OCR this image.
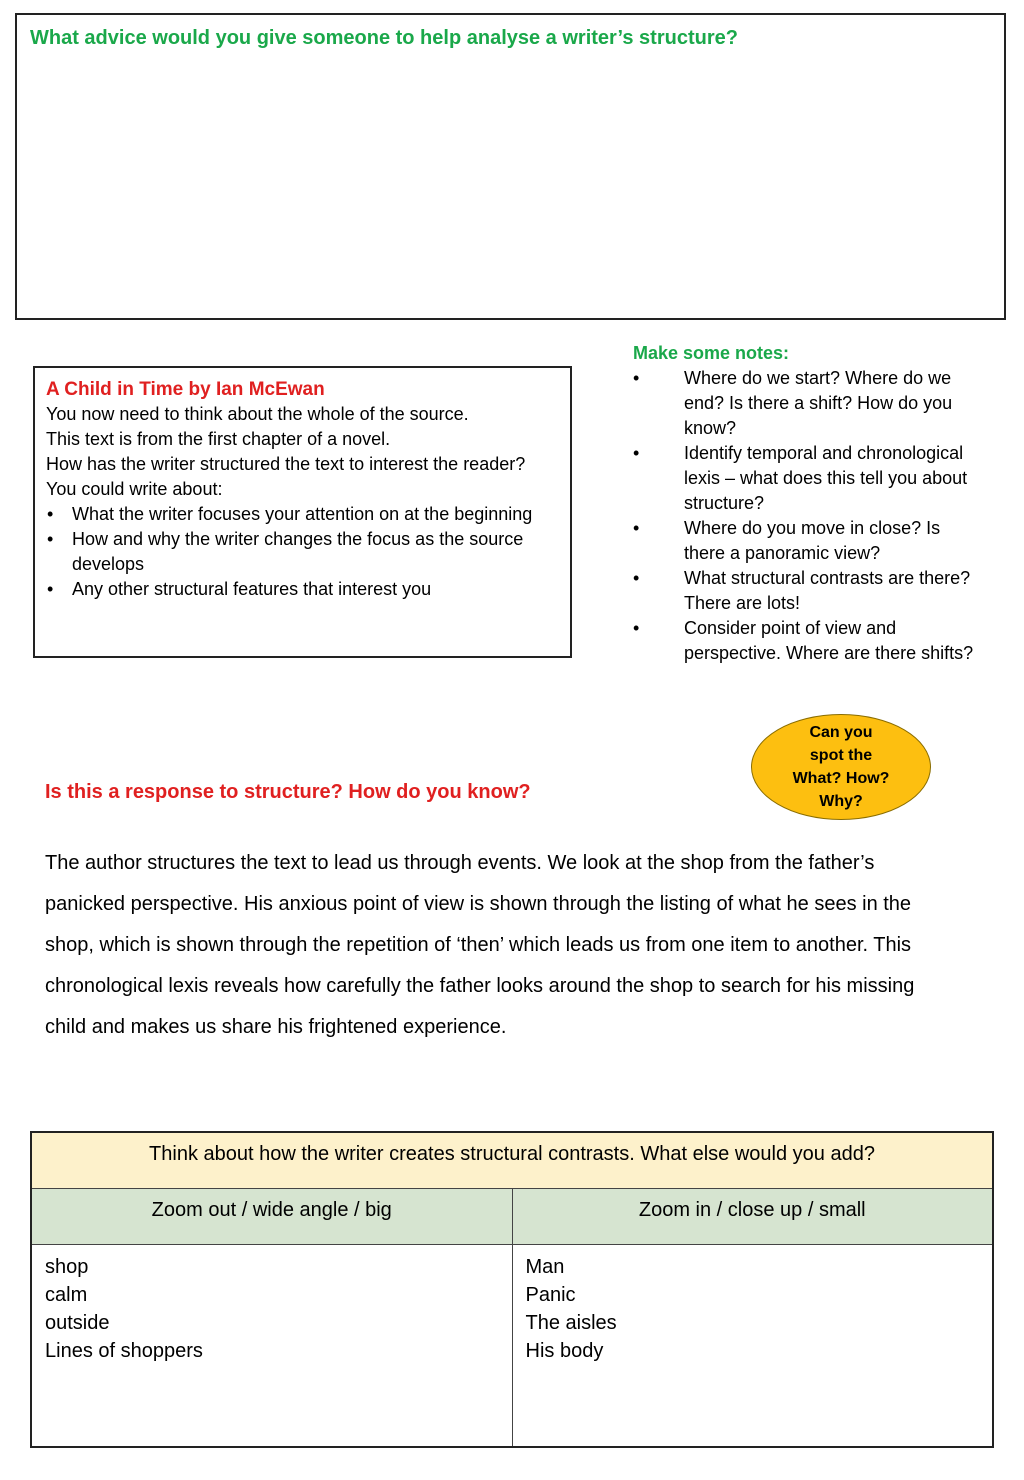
What advice would you give someone to help analyse a writer’s structure?
A Child in Time by Ian McEwan
You now need to think about the whole of the source.
This text is from the first chapter of a novel.
How has the writer structured the text to interest the reader?
You could write about:
• What the writer focuses your attention on at the beginning
• How and why the writer changes the focus as the source develops
• Any other structural features that interest you
Make some notes:
• Where do we start? Where do we end? Is there a shift? How do you know?
• Identify temporal and chronological lexis – what does this tell you about structure?
• Where do you move in close? Is there a panoramic view?
• What structural contrasts are there? There are lots!
• Consider point of view and perspective. Where are there shifts?
Can you spot the What? How? Why?
Is this a response to structure? How do you know?
The author structures the text to lead us through events. We look at the shop from the father’s panicked perspective. His anxious point of view is shown through the listing of what he sees in the shop, which is shown through the repetition of ‘then’ which leads us from one item to another. This chronological lexis reveals how carefully the father looks around the shop to search for his missing child and makes us share his frightened experience.
Think about how the writer creates structural contrasts. What else would you add?
Zoom out / wide angle / big	Zoom in / close up / small
shop
calm
outside
Lines of shoppers
Man
Panic
The aisles
His body
